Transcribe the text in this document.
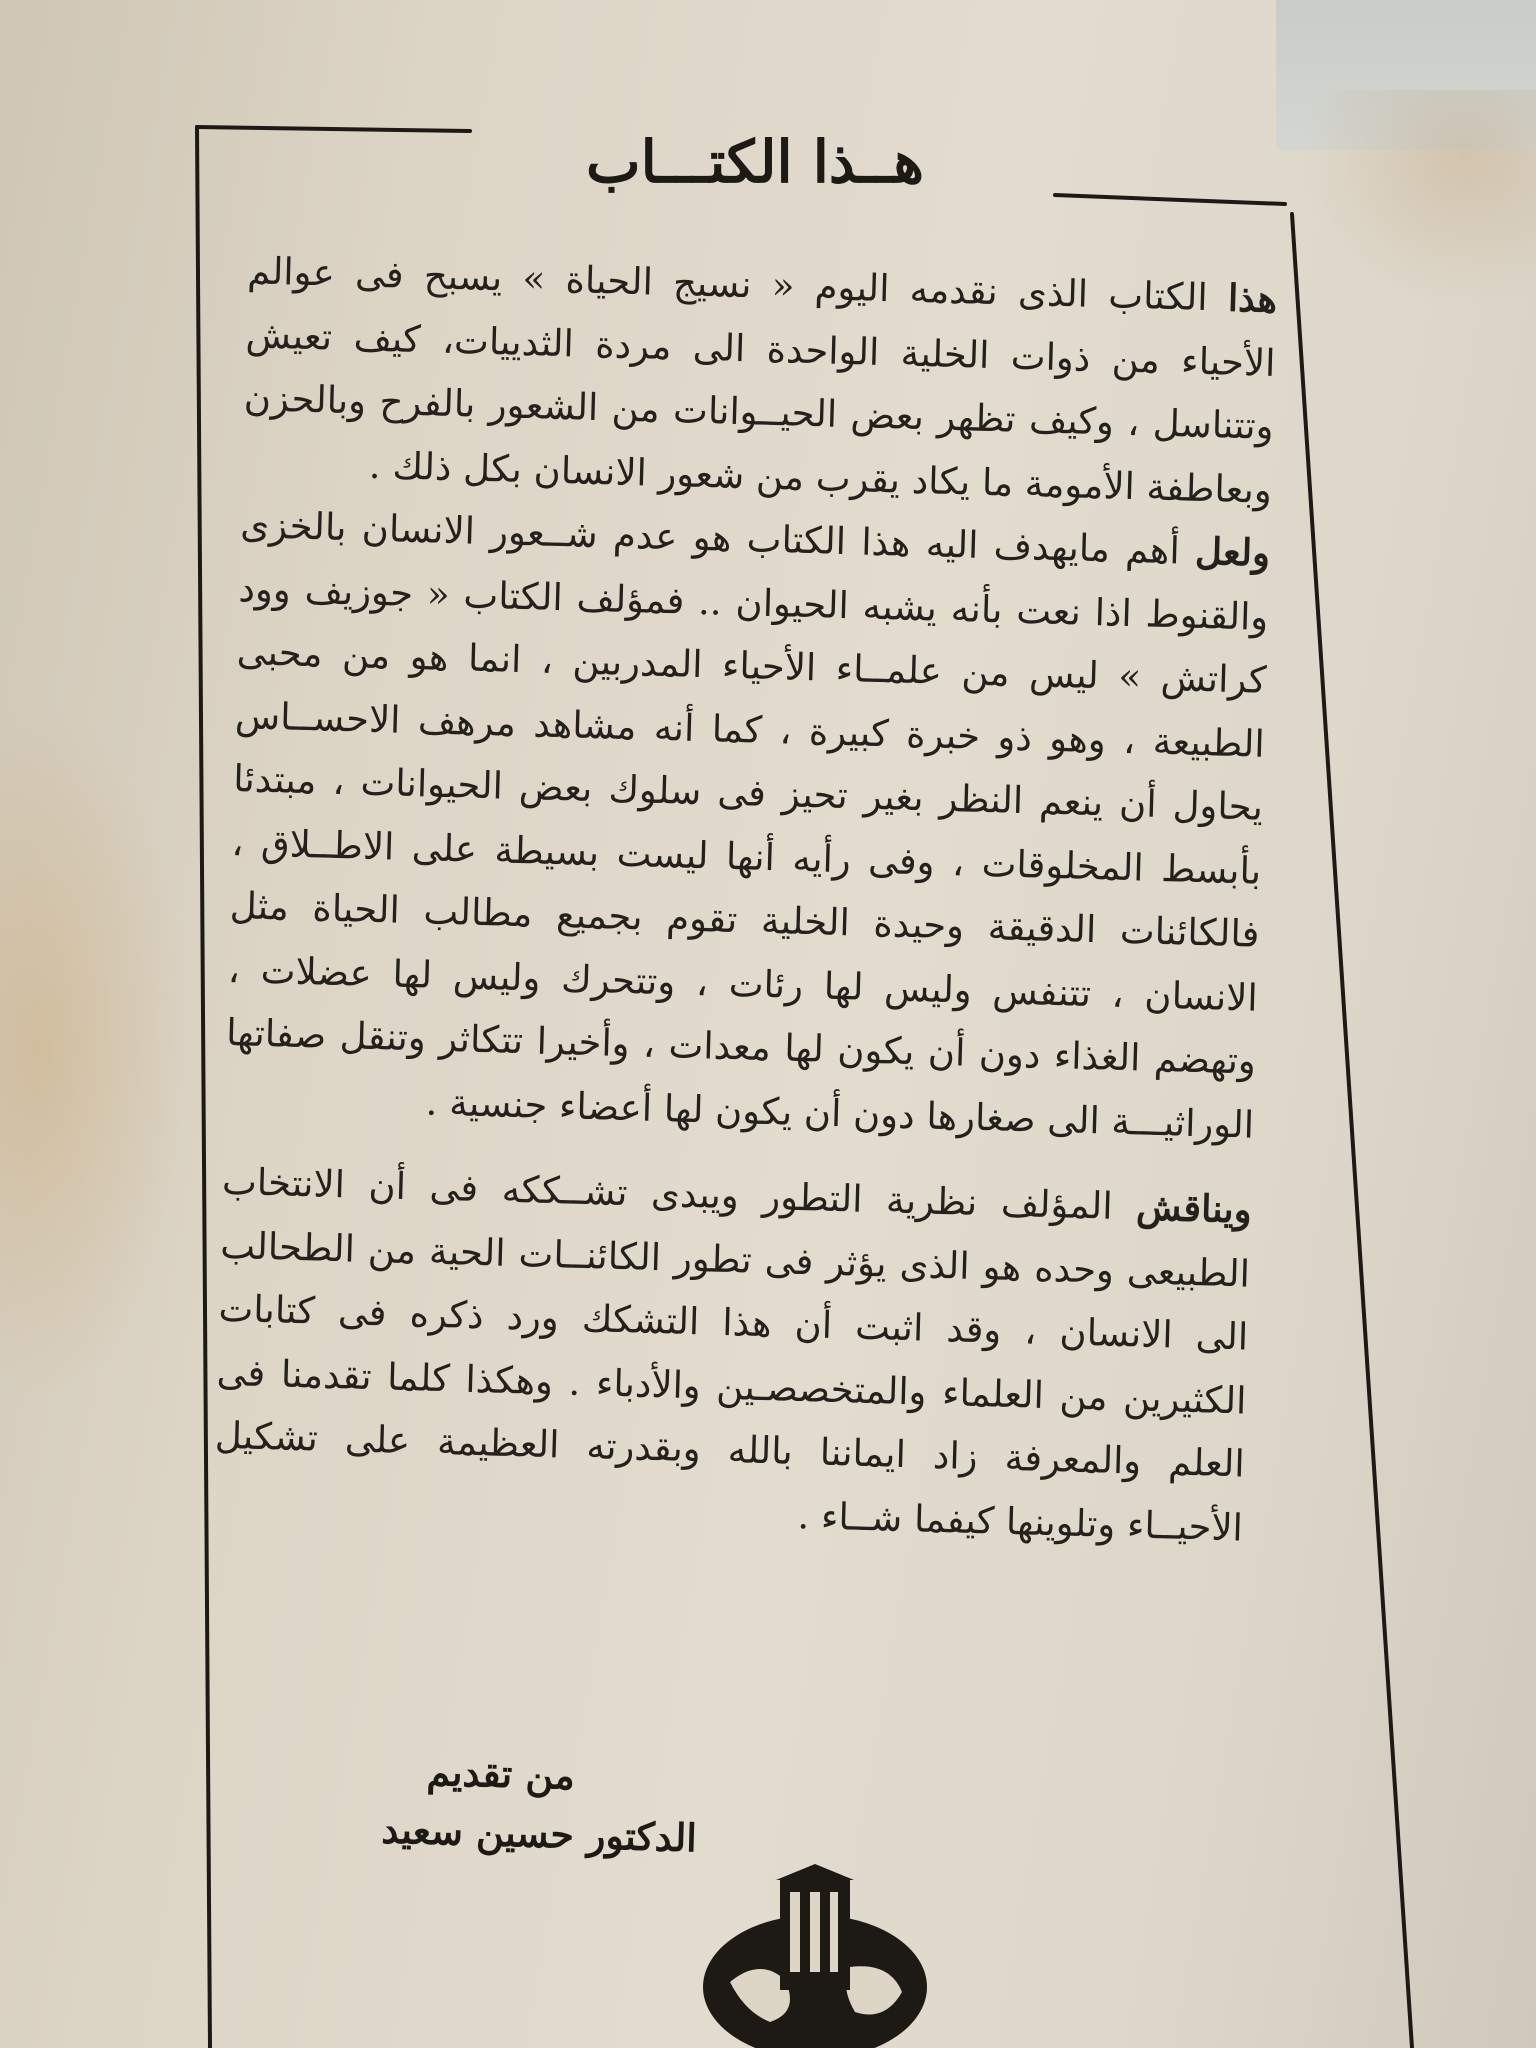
هــذا الكتـــاب

هذا الكتاب الذى نقدمه اليوم « نسيج الحياة » يسبح فى عوالم الأحياء من ذوات الخلية الواحدة الى مردة الثدييات، كيف تعيش وتتناسل ، وكيف تظهر بعض الحيــوانات من الشعور بالفرح وبالحزن وبعاطفة الأمومة ما يكاد يقرب من شعور الانسان بكل ذلك .

ولعل أهم مايهدف اليه هذا الكتاب هو عدم شــعور الانسان بالخزى والقنوط اذا نعت بأنه يشبه الحيوان .. فمؤلف الكتاب « جوزيف وود كراتش » ليس من علمــاء الأحياء المدربين ، انما هو من محبى الطبيعة ، وهو ذو خبرة كبيرة ، كما أنه مشاهد مرهف الاحســاس يحاول أن ينعم النظر بغير تحيز فى سلوك بعض الحيوانات ، مبتدئا بأبسط المخلوقات ، وفى رأيه أنها ليست بسيطة على الاطــلاق ، فالكائنات الدقيقة وحيدة الخلية تقوم بجميع مطالب الحياة مثل الانسان ، تتنفس وليس لها رئات ، وتتحرك وليس لها عضلات ، وتهضم الغذاء دون أن يكون لها معدات ، وأخيرا تتكاثر وتنقل صفاتها الوراثيـــة الى صغارها دون أن يكون لها أعضاء جنسية .

ويناقش المؤلف نظرية التطور ويبدى تشــككه فى أن الانتخاب الطبيعى وحده هو الذى يؤثر فى تطور الكائنــات الحية من الطحالب الى الانسان ، وقد اثبت أن هذا التشكك ورد ذكره فى كتابات الكثيرين من العلماء والمتخصصـين والأدباء . وهكذا كلما تقدمنا فى العلم والمعرفة زاد ايماننا بالله وبقدرته العظيمة على تشكيل الأحيــاء وتلوينها كيفما شــاء .

من تقديم
الدكتور حسين سعيد
